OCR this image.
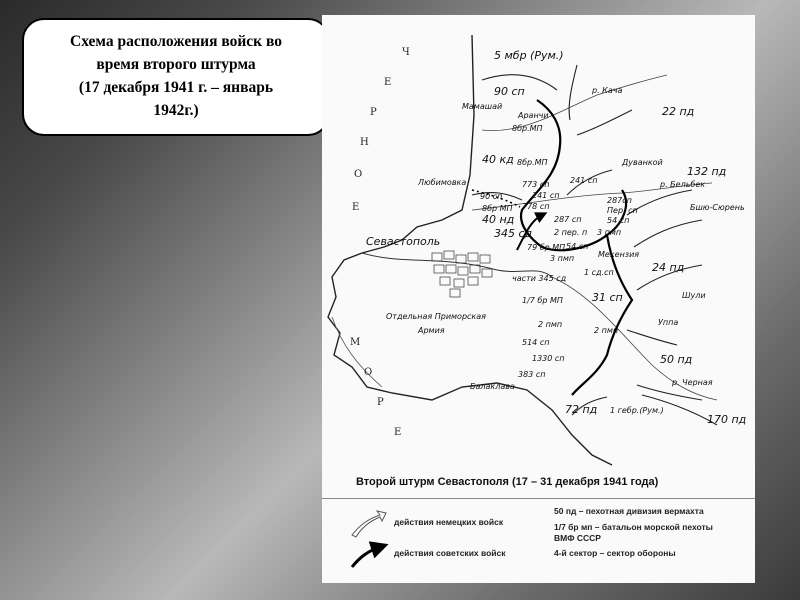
Схема расположения войск во
время второго штурма
(17 декабря 1941 г. – январь
1942г.)
Ч
Е
Р
Н
О
Е
М
О
Р
Е
5 мбр (Рум.)
р. Кача
90 сп
Мамашай
Аранчи
8бр.МП
22 пд
40 кд 8бр.МП	Дуванкой
Любимовка	773 сп	241 сп
778 сп
241 сп
132 пд
р. Бельбек
90 сп
8бр МП
40 нд
345 сд
287сп
Пер. сп
54 сп
Бшю-Сюрень
287 сп
2 пер. п 3 пмп
79 бр МП 54 сп
3 пмп
Севастополь
Мекензия
части 345 сд
1 сд.сп	24 пд
1/7 бр МП	31 сп	Шули
Отдельная Приморская
Армия
2 пмп
2 пмп
Уппа
514 сп
1330 сп	50 пд
383 сп
р. Черная
Балаклава
72 пд 1 гебр.(Рум.)
170 пд
Второй штурм Севастополя (17 – 31 декабря 1941 года)
действия немецких войск
действия советских войск
50 пд – пехотная дивизия вермахта
1/7 бр мп – батальон морской пехоты ВМФ СССР
4-й сектор – сектор обороны
